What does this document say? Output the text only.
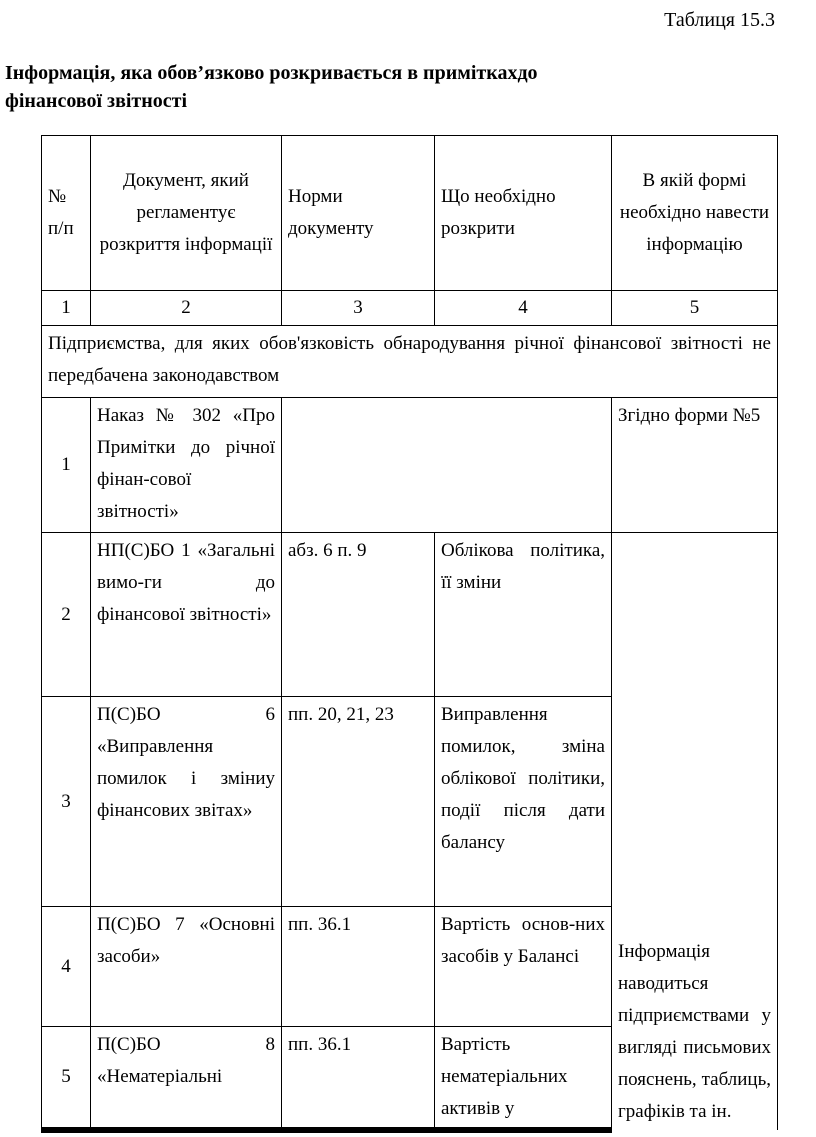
Таблиця 15.3
Інформація, яка обов’язково розкривається в приміткахдо фінансової звітності
№ п/п	Документ, який регламентує розкриття інформації	Норми документу	Що необхідно розкрити	В якій формі необхідно навести інформацію
1	2	3	4	5
Підприємства, для яких обов'язковість обнародування річної фінансової звітності не передбачена законодавством				
1	Наказ № 302 «Про Примітки до річної фінан-сової звітності»			Згідно форми №5
2	НП(С)БО 1 «Загальні вимо-ги до фінансової звітності»	абз. 6 п. 9	Облікова політика, її зміни	Інформація наводиться підприємствами у вигляді письмових пояснень, таблиць, графіків та ін.
3	П(С)БО 6 «Виправлення помилок і зміниу фінансових звітах»	пп. 20, 21, 23	Виправлення помилок, зміна облікової політики, події після дати балансу	
4	П(С)БО 7 «Основні засоби»	пп. 36.1	Вартість основ-них засобів у Балансі	
5	П(С)БО 8 «Нематеріальні	пп. 36.1	Вартість нематеріальних активів у	
